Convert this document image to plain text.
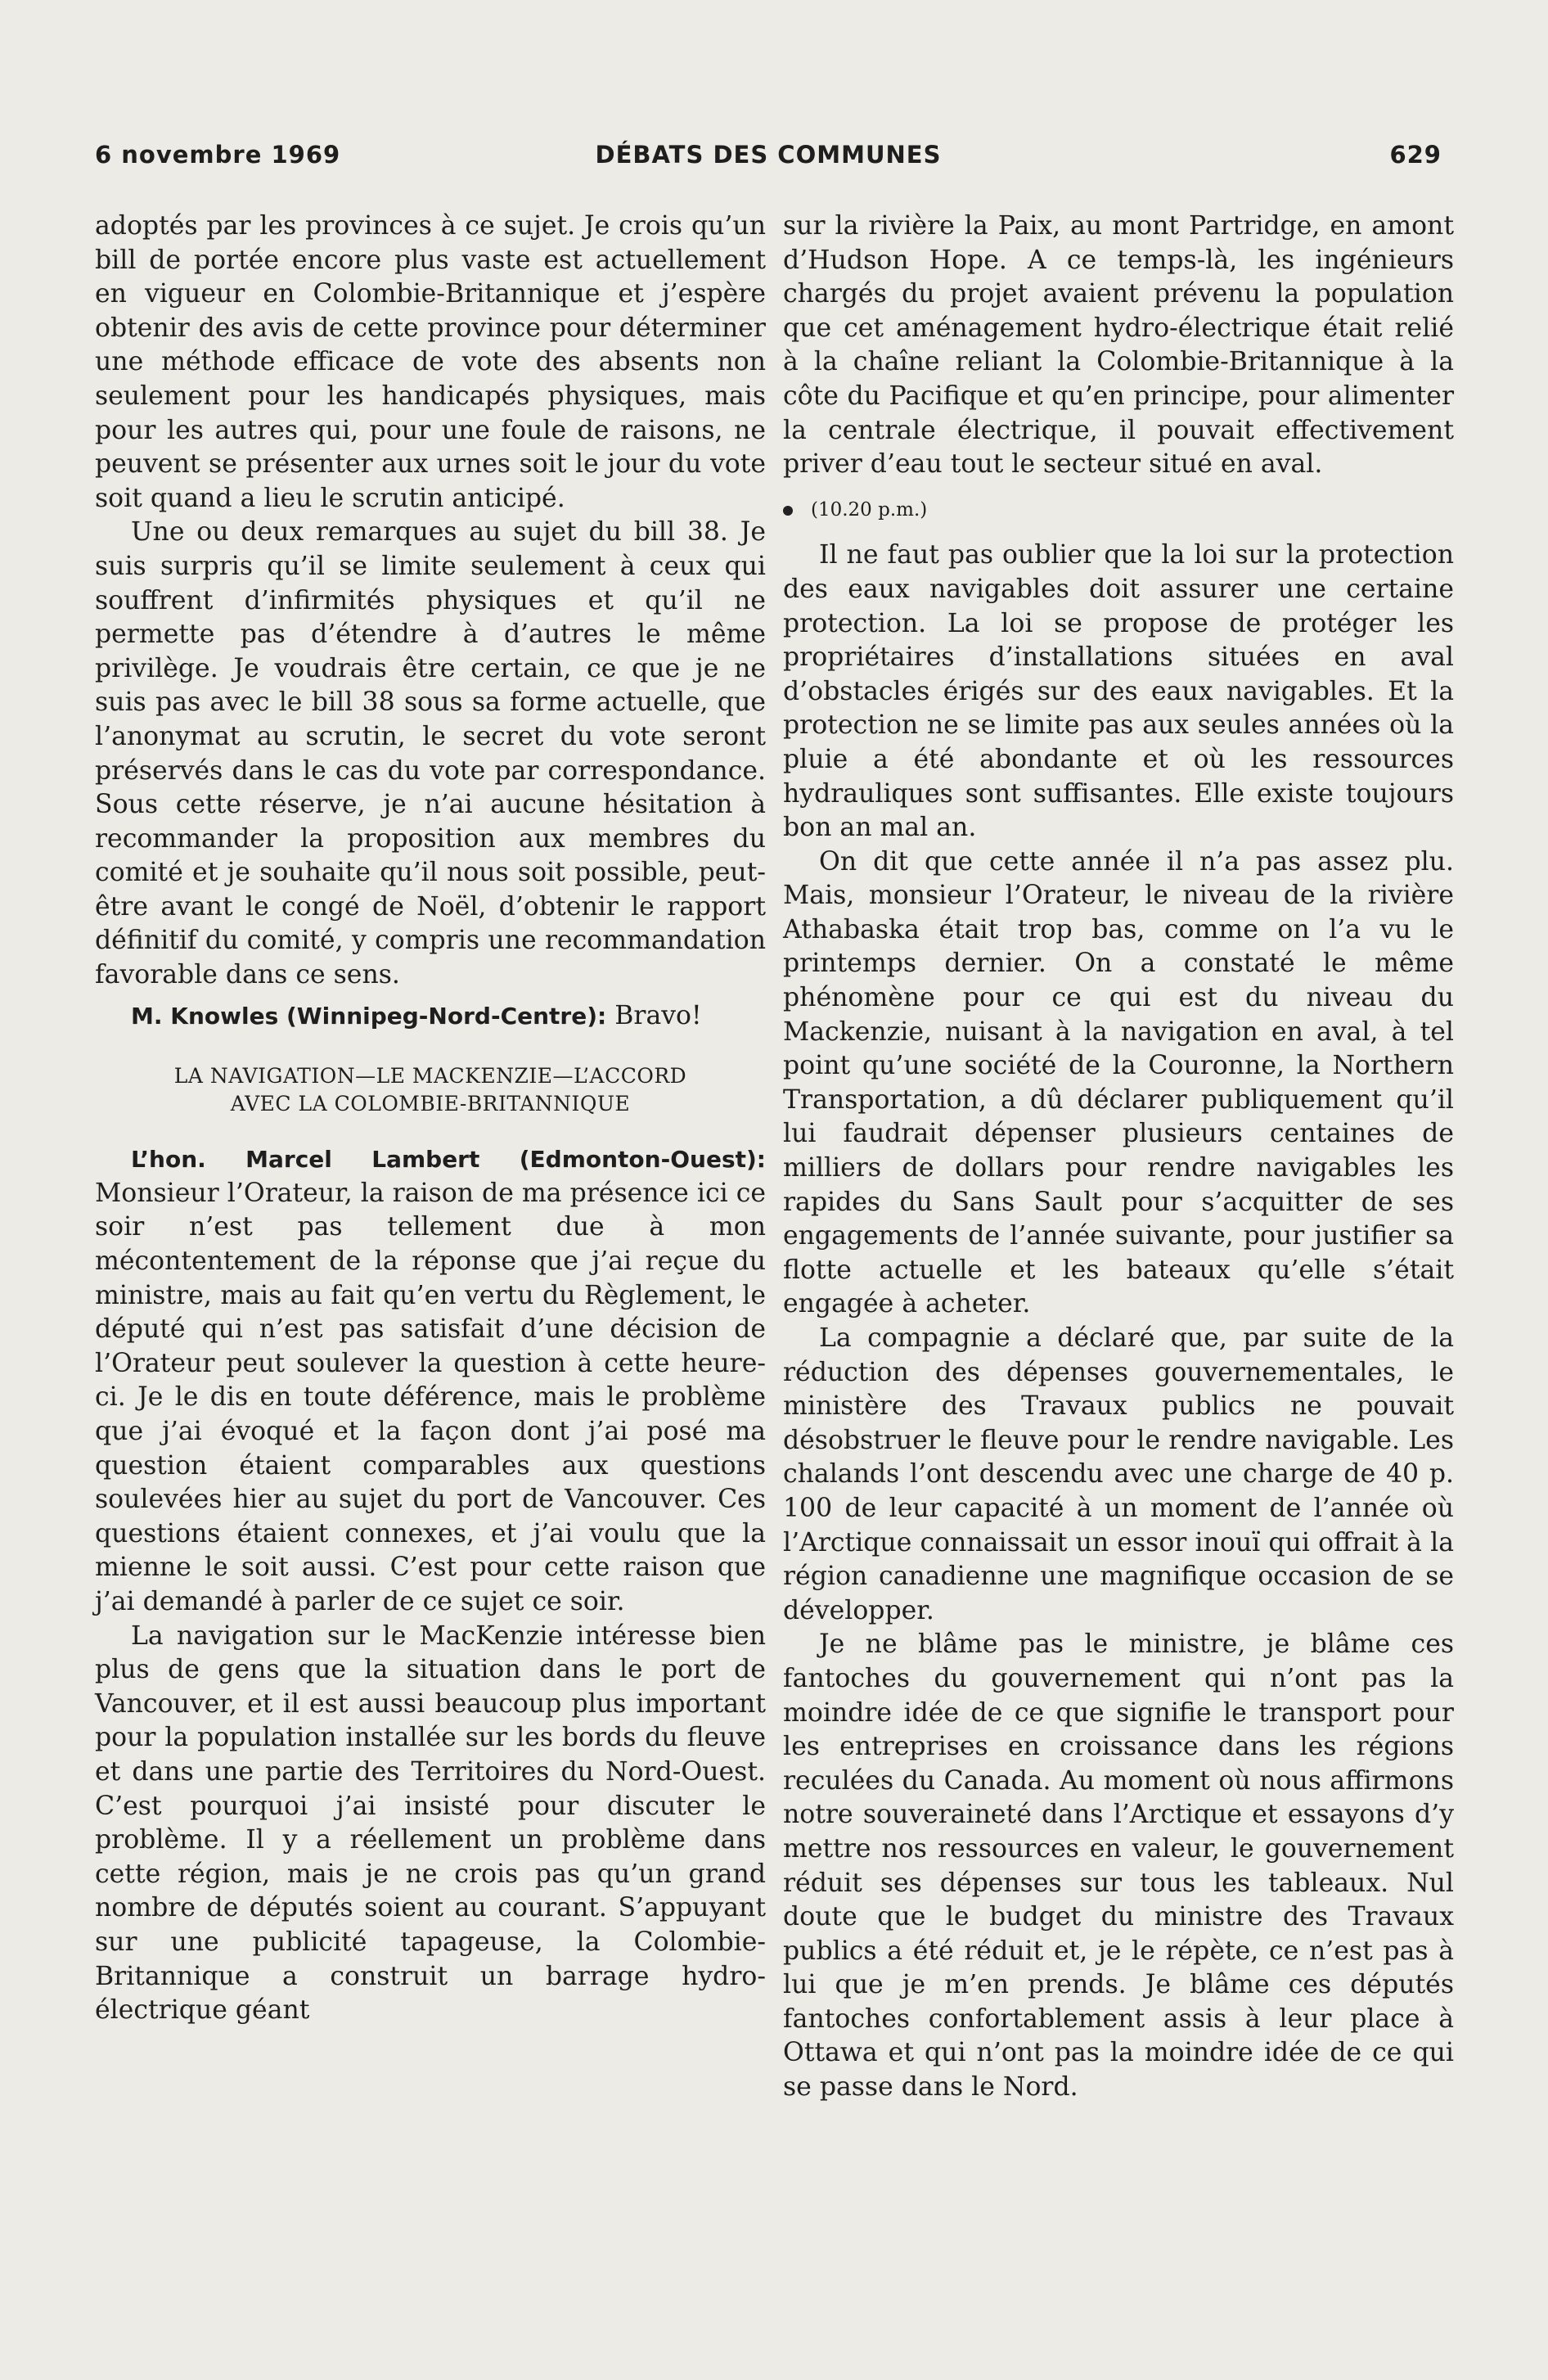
6 novembre 1969	DÉBATS DES COMMUNES	629

adoptés par les provinces à ce sujet. Je crois qu’un bill de portée encore plus vaste est actuellement en vigueur en Colombie-Britannique et j’espère obtenir des avis de cette province pour déterminer une méthode efficace de vote des absents non seulement pour les handicapés physiques, mais pour les autres qui, pour une foule de raisons, ne peuvent se présenter aux urnes soit le jour du vote soit quand a lieu le scrutin anticipé.

Une ou deux remarques au sujet du bill 38. Je suis surpris qu’il se limite seulement à ceux qui souffrent d’infirmités physiques et qu’il ne permette pas d’étendre à d’autres le même privilège. Je voudrais être certain, ce que je ne suis pas avec le bill 38 sous sa forme actuelle, que l’anonymat au scrutin, le secret du vote seront préservés dans le cas du vote par correspondance. Sous cette réserve, je n’ai aucune hésitation à recommander la proposition aux membres du comité et je souhaite qu’il nous soit possible, peut-être avant le congé de Noël, d’obtenir le rapport définitif du comité, y compris une recommandation favorable dans ce sens.

M. Knowles (Winnipeg-Nord-Centre): Bravo!

LA NAVIGATION—LE MACKENZIE—L’ACCORD
AVEC LA COLOMBIE-BRITANNIQUE

L’hon. Marcel Lambert (Edmonton-Ouest): Monsieur l’Orateur, la raison de ma présence ici ce soir n’est pas tellement due à mon mécontentement de la réponse que j’ai reçue du ministre, mais au fait qu’en vertu du Règlement, le député qui n’est pas satisfait d’une décision de l’Orateur peut soulever la question à cette heure-ci. Je le dis en toute déférence, mais le problème que j’ai évoqué et la façon dont j’ai posé ma question étaient comparables aux questions soulevées hier au sujet du port de Vancouver. Ces questions étaient connexes, et j’ai voulu que la mienne le soit aussi. C’est pour cette raison que j’ai demandé à parler de ce sujet ce soir.

La navigation sur le MacKenzie intéresse bien plus de gens que la situation dans le port de Vancouver, et il est aussi beaucoup plus important pour la population installée sur les bords du fleuve et dans une partie des Territoires du Nord-Ouest. C’est pourquoi j’ai insisté pour discuter le problème. Il y a réellement un problème dans cette région, mais je ne crois pas qu’un grand nombre de députés soient au courant. S’appuyant sur une publicité tapageuse, la Colombie-Britannique a construit un barrage hydro-électrique géant

sur la rivière la Paix, au mont Partridge, en amont d’Hudson Hope. A ce temps-là, les ingénieurs chargés du projet avaient prévenu la population que cet aménagement hydro-électrique était relié à la chaîne reliant la Colombie-Britannique à la côte du Pacifique et qu’en principe, pour alimenter la centrale électrique, il pouvait effectivement priver d’eau tout le secteur situé en aval.

(10.20 p.m.)

Il ne faut pas oublier que la loi sur la protection des eaux navigables doit assurer une certaine protection. La loi se propose de protéger les propriétaires d’installations situées en aval d’obstacles érigés sur des eaux navigables. Et la protection ne se limite pas aux seules années où la pluie a été abondante et où les ressources hydrauliques sont suffisantes. Elle existe toujours bon an mal an.

On dit que cette année il n’a pas assez plu. Mais, monsieur l’Orateur, le niveau de la rivière Athabaska était trop bas, comme on l’a vu le printemps dernier. On a constaté le même phénomène pour ce qui est du niveau du Mackenzie, nuisant à la navigation en aval, à tel point qu’une société de la Couronne, la Northern Transportation, a dû déclarer publiquement qu’il lui faudrait dépenser plusieurs centaines de milliers de dollars pour rendre navigables les rapides du Sans Sault pour s’acquitter de ses engagements de l’année suivante, pour justifier sa flotte actuelle et les bateaux qu’elle s’était engagée à acheter.

La compagnie a déclaré que, par suite de la réduction des dépenses gouvernementales, le ministère des Travaux publics ne pouvait désobstruer le fleuve pour le rendre navigable. Les chalands l’ont descendu avec une charge de 40 p. 100 de leur capacité à un moment de l’année où l’Arctique connaissait un essor inouï qui offrait à la région canadienne une magnifique occasion de se développer.

Je ne blâme pas le ministre, je blâme ces fantoches du gouvernement qui n’ont pas la moindre idée de ce que signifie le transport pour les entreprises en croissance dans les régions reculées du Canada. Au moment où nous affirmons notre souveraineté dans l’Arctique et essayons d’y mettre nos ressources en valeur, le gouvernement réduit ses dépenses sur tous les tableaux. Nul doute que le budget du ministre des Travaux publics a été réduit et, je le répète, ce n’est pas à lui que je m’en prends. Je blâme ces députés fantoches confortablement assis à leur place à Ottawa et qui n’ont pas la moindre idée de ce qui se passe dans le Nord.
